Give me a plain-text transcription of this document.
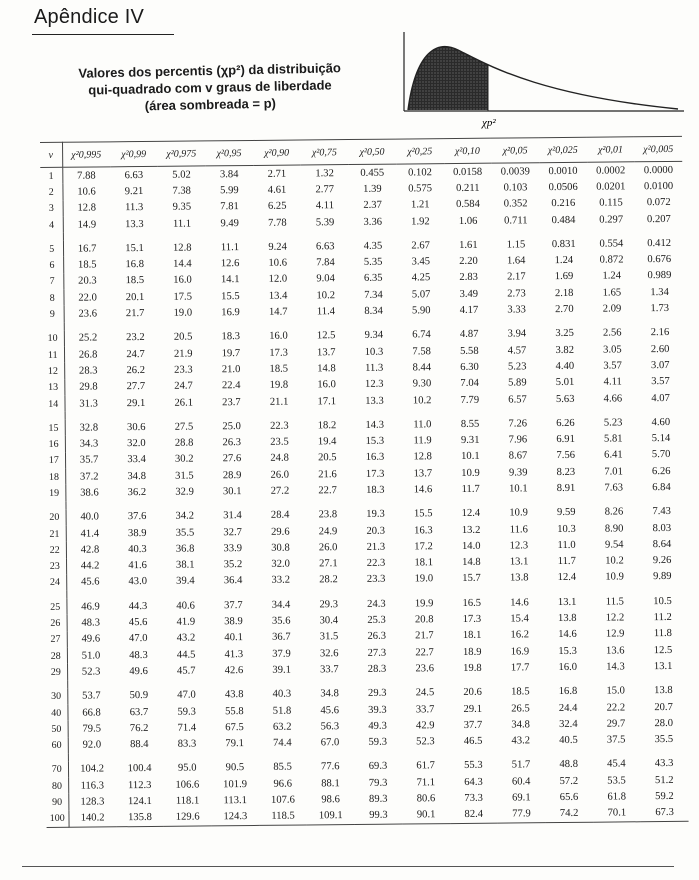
Apêndice IV
Valores dos percentis (χp²) da distribuição
qui-quadrado com v graus de liberdade
(área sombreada = p)
χp²
v	χ²0,995	χ²0,99	χ²0,975	χ²0,95	χ²0,90	χ²0,75	χ²0,50	χ²0,25	χ²0,10	χ²0,05	χ²0,025	χ²0,01	χ²0,005
1	7.88	6.63	5.02	3.84	2.71	1.32	0.455	0.102	0.0158	0.0039	0.0010	0.0002	0.0000
2	10.6	9.21	7.38	5.99	4.61	2.77	1.39	0.575	0.211	0.103	0.0506	0.0201	0.0100
3	12.8	11.3	9.35	7.81	6.25	4.11	2.37	1.21	0.584	0.352	0.216	0.115	0.072
4	14.9	13.3	11.1	9.49	7.78	5.39	3.36	1.92	1.06	0.711	0.484	0.297	0.207

5	16.7	15.1	12.8	11.1	9.24	6.63	4.35	2.67	1.61	1.15	0.831	0.554	0.412
6	18.5	16.8	14.4	12.6	10.6	7.84	5.35	3.45	2.20	1.64	1.24	0.872	0.676
7	20.3	18.5	16.0	14.1	12.0	9.04	6.35	4.25	2.83	2.17	1.69	1.24	0.989
8	22.0	20.1	17.5	15.5	13.4	10.2	7.34	5.07	3.49	2.73	2.18	1.65	1.34
9	23.6	21.7	19.0	16.9	14.7	11.4	8.34	5.90	4.17	3.33	2.70	2.09	1.73

10	25.2	23.2	20.5	18.3	16.0	12.5	9.34	6.74	4.87	3.94	3.25	2.56	2.16
11	26.8	24.7	21.9	19.7	17.3	13.7	10.3	7.58	5.58	4.57	3.82	3.05	2.60
12	28.3	26.2	23.3	21.0	18.5	14.8	11.3	8.44	6.30	5.23	4.40	3.57	3.07
13	29.8	27.7	24.7	22.4	19.8	16.0	12.3	9.30	7.04	5.89	5.01	4.11	3.57
14	31.3	29.1	26.1	23.7	21.1	17.1	13.3	10.2	7.79	6.57	5.63	4.66	4.07

15	32.8	30.6	27.5	25.0	22.3	18.2	14.3	11.0	8.55	7.26	6.26	5.23	4.60
16	34.3	32.0	28.8	26.3	23.5	19.4	15.3	11.9	9.31	7.96	6.91	5.81	5.14
17	35.7	33.4	30.2	27.6	24.8	20.5	16.3	12.8	10.1	8.67	7.56	6.41	5.70
18	37.2	34.8	31.5	28.9	26.0	21.6	17.3	13.7	10.9	9.39	8.23	7.01	6.26
19	38.6	36.2	32.9	30.1	27.2	22.7	18.3	14.6	11.7	10.1	8.91	7.63	6.84

20	40.0	37.6	34.2	31.4	28.4	23.8	19.3	15.5	12.4	10.9	9.59	8.26	7.43
21	41.4	38.9	35.5	32.7	29.6	24.9	20.3	16.3	13.2	11.6	10.3	8.90	8.03
22	42.8	40.3	36.8	33.9	30.8	26.0	21.3	17.2	14.0	12.3	11.0	9.54	8.64
23	44.2	41.6	38.1	35.2	32.0	27.1	22.3	18.1	14.8	13.1	11.7	10.2	9.26
24	45.6	43.0	39.4	36.4	33.2	28.2	23.3	19.0	15.7	13.8	12.4	10.9	9.89

25	46.9	44.3	40.6	37.7	34.4	29.3	24.3	19.9	16.5	14.6	13.1	11.5	10.5
26	48.3	45.6	41.9	38.9	35.6	30.4	25.3	20.8	17.3	15.4	13.8	12.2	11.2
27	49.6	47.0	43.2	40.1	36.7	31.5	26.3	21.7	18.1	16.2	14.6	12.9	11.8
28	51.0	48.3	44.5	41.3	37.9	32.6	27.3	22.7	18.9	16.9	15.3	13.6	12.5
29	52.3	49.6	45.7	42.6	39.1	33.7	28.3	23.6	19.8	17.7	16.0	14.3	13.1

30	53.7	50.9	47.0	43.8	40.3	34.8	29.3	24.5	20.6	18.5	16.8	15.0	13.8
40	66.8	63.7	59.3	55.8	51.8	45.6	39.3	33.7	29.1	26.5	24.4	22.2	20.7
50	79.5	76.2	71.4	67.5	63.2	56.3	49.3	42.9	37.7	34.8	32.4	29.7	28.0
60	92.0	88.4	83.3	79.1	74.4	67.0	59.3	52.3	46.5	43.2	40.5	37.5	35.5

70	104.2	100.4	95.0	90.5	85.5	77.6	69.3	61.7	55.3	51.7	48.8	45.4	43.3
80	116.3	112.3	106.6	101.9	96.6	88.1	79.3	71.1	64.3	60.4	57.2	53.5	51.2
90	128.3	124.1	118.1	113.1	107.6	98.6	89.3	80.6	73.3	69.1	65.6	61.8	59.2
100	140.2	135.8	129.6	124.3	118.5	109.1	99.3	90.1	82.4	77.9	74.2	70.1	67.3
